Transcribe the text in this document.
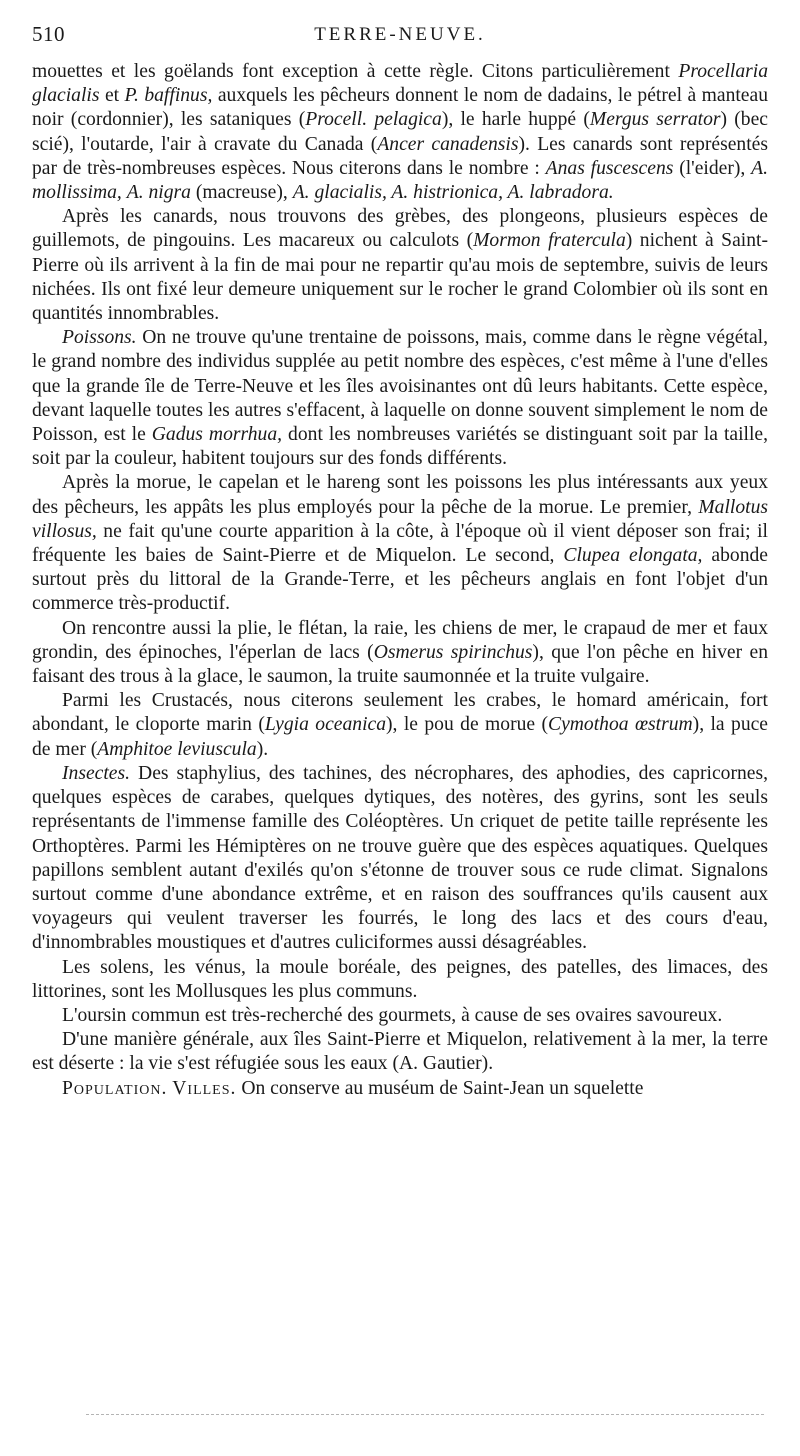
510	TERRE-NEUVE.

mouettes et les goëlands font exception à cette règle. Citons particulièrement Procellaria glacialis et P. baffinus, auxquels les pêcheurs donnent le nom de dadains, le pétrel à manteau noir (cordonnier), les sataniques (Procell. pelagica), le harle huppé (Mergus serrator) (bec scié), l'outarde, l'air à cravate du Canada (Ancer canadensis). Les canards sont représentés par de très-nombreuses espèces. Nous citerons dans le nombre : Anas fuscescens (l'eider), A. mollissima, A. nigra (macreuse), A. glacialis, A. histrionica, A. labradora.

Après les canards, nous trouvons des grèbes, des plongeons, plusieurs espèces de guillemots, de pingouins. Les macareux ou calculots (Mormon fratercula) nichent à Saint-Pierre où ils arrivent à la fin de mai pour ne repartir qu'au mois de septembre, suivis de leurs nichées. Ils ont fixé leur demeure uniquement sur le rocher le grand Colombier où ils sont en quantités innombrables.

Poissons. On ne trouve qu'une trentaine de poissons, mais, comme dans le règne végétal, le grand nombre des individus supplée au petit nombre des espèces, c'est même à l'une d'elles que la grande île de Terre-Neuve et les îles avoisinantes ont dû leurs habitants. Cette espèce, devant laquelle toutes les autres s'effacent, à laquelle on donne souvent simplement le nom de Poisson, est le Gadus morrhua, dont les nombreuses variétés se distinguant soit par la taille, soit par la couleur, habitent toujours sur des fonds différents.

Après la morue, le capelan et le hareng sont les poissons les plus intéressants aux yeux des pêcheurs, les appâts les plus employés pour la pêche de la morue. Le premier, Mallotus villosus, ne fait qu'une courte apparition à la côte, à l'époque où il vient déposer son frai; il fréquente les baies de Saint-Pierre et de Miquelon. Le second, Clupea elongata, abonde surtout près du littoral de la Grande-Terre, et les pêcheurs anglais en font l'objet d'un commerce très-productif.

On rencontre aussi la plie, le flétan, la raie, les chiens de mer, le crapaud de mer et faux grondin, des épinoches, l'éperlan de lacs (Osmerus spirinchus), que l'on pêche en hiver en faisant des trous à la glace, le saumon, la truite saumonnée et la truite vulgaire.

Parmi les Crustacés, nous citerons seulement les crabes, le homard américain, fort abondant, le cloporte marin (Lygia oceanica), le pou de morue (Cymothoa œstrum), la puce de mer (Amphitoe leviuscula).

Insectes. Des staphylius, des tachines, des nécrophares, des aphodies, des capricornes, quelques espèces de carabes, quelques dytiques, des notères, des gyrins, sont les seuls représentants de l'immense famille des Coléoptères. Un criquet de petite taille représente les Orthoptères. Parmi les Hémiptères on ne trouve guère que des espèces aquatiques. Quelques papillons semblent autant d'exilés qu'on s'étonne de trouver sous ce rude climat. Signalons surtout comme d'une abondance extrême, et en raison des souffrances qu'ils causent aux voyageurs qui veulent traverser les fourrés, le long des lacs et des cours d'eau, d'innombrables moustiques et d'autres culiciformes aussi désagréables.

Les solens, les vénus, la moule boréale, des peignes, des patelles, des limaces, des littorines, sont les Mollusques les plus communs.

L'oursin commun est très-recherché des gourmets, à cause de ses ovaires savoureux.

D'une manière générale, aux îles Saint-Pierre et Miquelon, relativement à la mer, la terre est déserte : la vie s'est réfugiée sous les eaux (A. Gautier).

Population. Villes. On conserve au muséum de Saint-Jean un squelette
